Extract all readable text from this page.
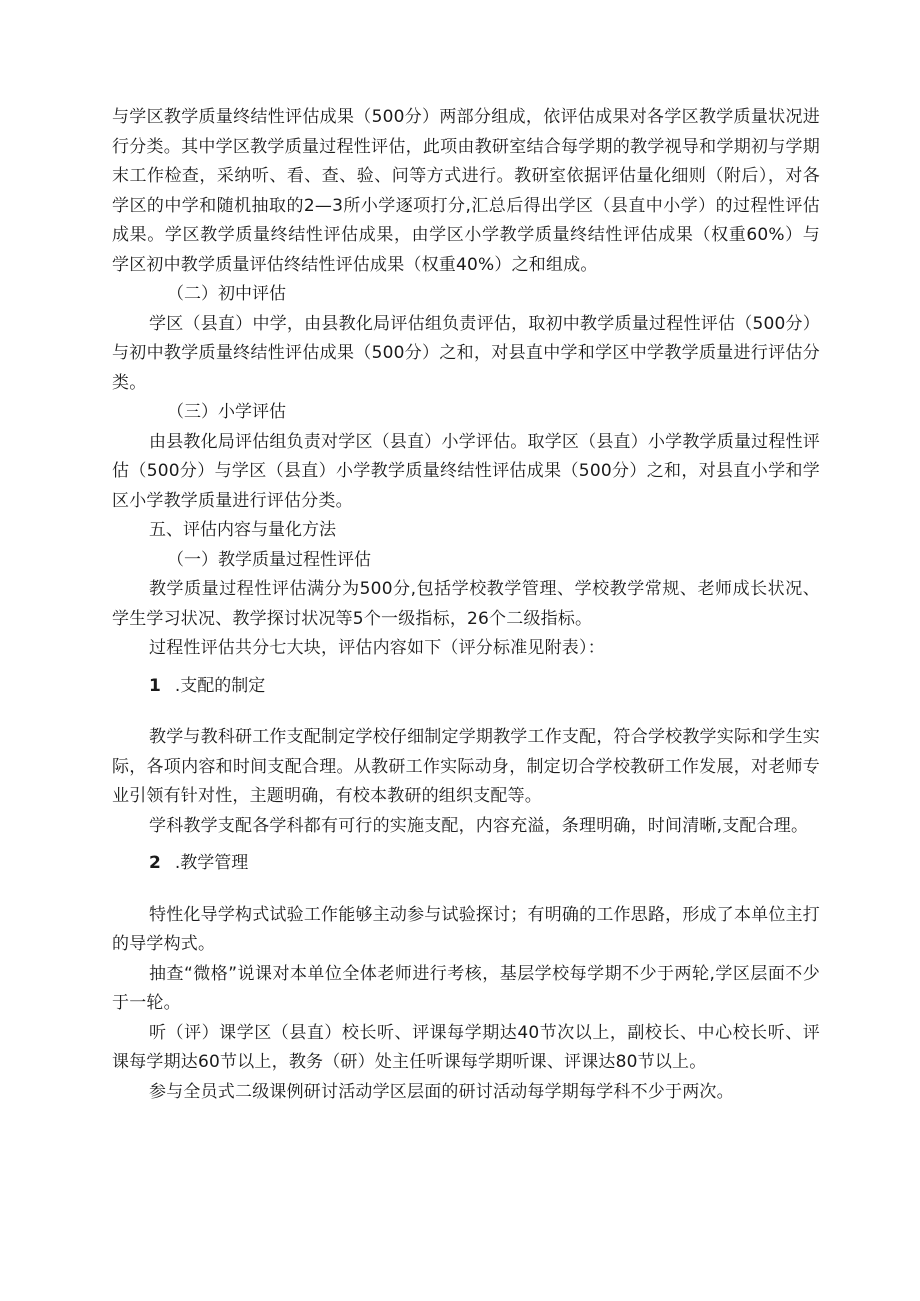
与学区教学质量终结性评估成果（500分）两部分组成，依评估成果对各学区教学质量状况进行分类。其中学区教学质量过程性评估，此项由教研室结合每学期的教学视导和学期初与学期末工作检查，采纳听、看、查、验、问等方式进行。教研室依据评估量化细则（附后），对各学区的中学和随机抽取的2—3所小学逐项打分,汇总后得出学区（县直中小学）的过程性评估成果。学区教学质量终结性评估成果，由学区小学教学质量终结性评估成果（权重60%）与学区初中教学质量评估终结性评估成果（权重40%）之和组成。

（二）初中评估

学区（县直）中学，由县教化局评估组负责评估，取初中教学质量过程性评估（500分）与初中教学质量终结性评估成果（500分）之和，对县直中学和学区中学教学质量进行评估分类。

（三）小学评估

由县教化局评估组负责对学区（县直）小学评估。取学区（县直）小学教学质量过程性评估（500分）与学区（县直）小学教学质量终结性评估成果（500分）之和，对县直小学和学区小学教学质量进行评估分类。

五、评估内容与量化方法

（一）教学质量过程性评估

教学质量过程性评估满分为500分,包括学校教学管理、学校教学常规、老师成长状况、学生学习状况、教学探讨状况等5个一级指标，26个二级指标。

过程性评估共分七大块，评估内容如下（评分标准见附表）：

1 .支配的制定

教学与教科研工作支配制定学校仔细制定学期教学工作支配，符合学校教学实际和学生实际，各项内容和时间支配合理。从教研工作实际动身，制定切合学校教研工作发展，对老师专业引领有针对性，主题明确，有校本教研的组织支配等。

学科教学支配各学科都有可行的实施支配，内容充溢，条理明确，时间清晰,支配合理。

2 .教学管理

特性化导学构式试验工作能够主动参与试验探讨；有明确的工作思路，形成了本单位主打的导学构式。

抽查“微格”说课对本单位全体老师进行考核，基层学校每学期不少于两轮,学区层面不少于一轮。

听（评）课学区（县直）校长听、评课每学期达40节次以上，副校长、中心校长听、评课每学期达60节以上，教务（研）处主任听课每学期听课、评课达80节以上。

参与全员式二级课例研讨活动学区层面的研讨活动每学期每学科不少于两次。
